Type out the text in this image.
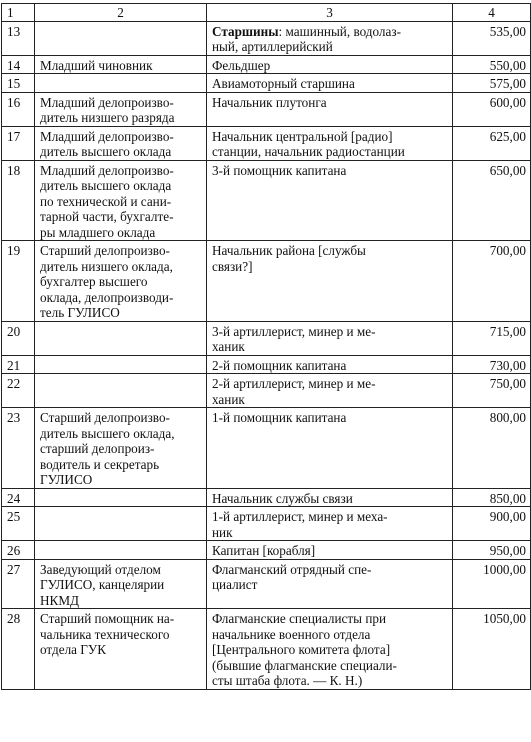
1	2	3	4
13		Старшины: машинный, водолаз-
ный, артиллерийский	535,00
14	Младший чиновник	Фельдшер	550,00
15		Авиамоторный старшина	575,00
16	Младший делопроизво-
дитель низшего разряда	Начальник плутонга	600,00
17	Младший делопроизво-
дитель высшего оклада	Начальник центральной [радио]
станции, начальник радиостанции	625,00
18	Младший делопроизво-
дитель высшего оклада
по технической и сани-
тарной части, бухгалте-
ры младшего оклада	3-й помощник капитана	650,00
19	Старший делопроизво-
дитель низшего оклада,
бухгалтер высшего
оклада, делопроизводи-
тель ГУЛИСО	Начальник района [службы
связи?]	700,00
20		3-й артиллерист, минер и ме-
ханик	715,00
21		2-й помощник капитана	730,00
22		2-й артиллерист, минер и ме-
ханик	750,00
23	Старший делопроизво-
дитель высшего оклада,
старший делопроиз-
водитель и секретарь
ГУЛИСО	1-й помощник капитана	800,00
24		Начальник службы связи	850,00
25		1-й артиллерист, минер и меха-
ник	900,00
26		Капитан [корабля]	950,00
27	Заведующий отделом
ГУЛИСО, канцелярии
НКМД	Флагманский отрядный спе-
циалист	1000,00
28	Старший помощник на-
чальника технического
отдела ГУК	Флагманские специалисты при
начальнике военного отдела
[Центрального комитета флота]
(бывшие флагманские специали-
сты штаба флота. — К. Н.)	1050,00
